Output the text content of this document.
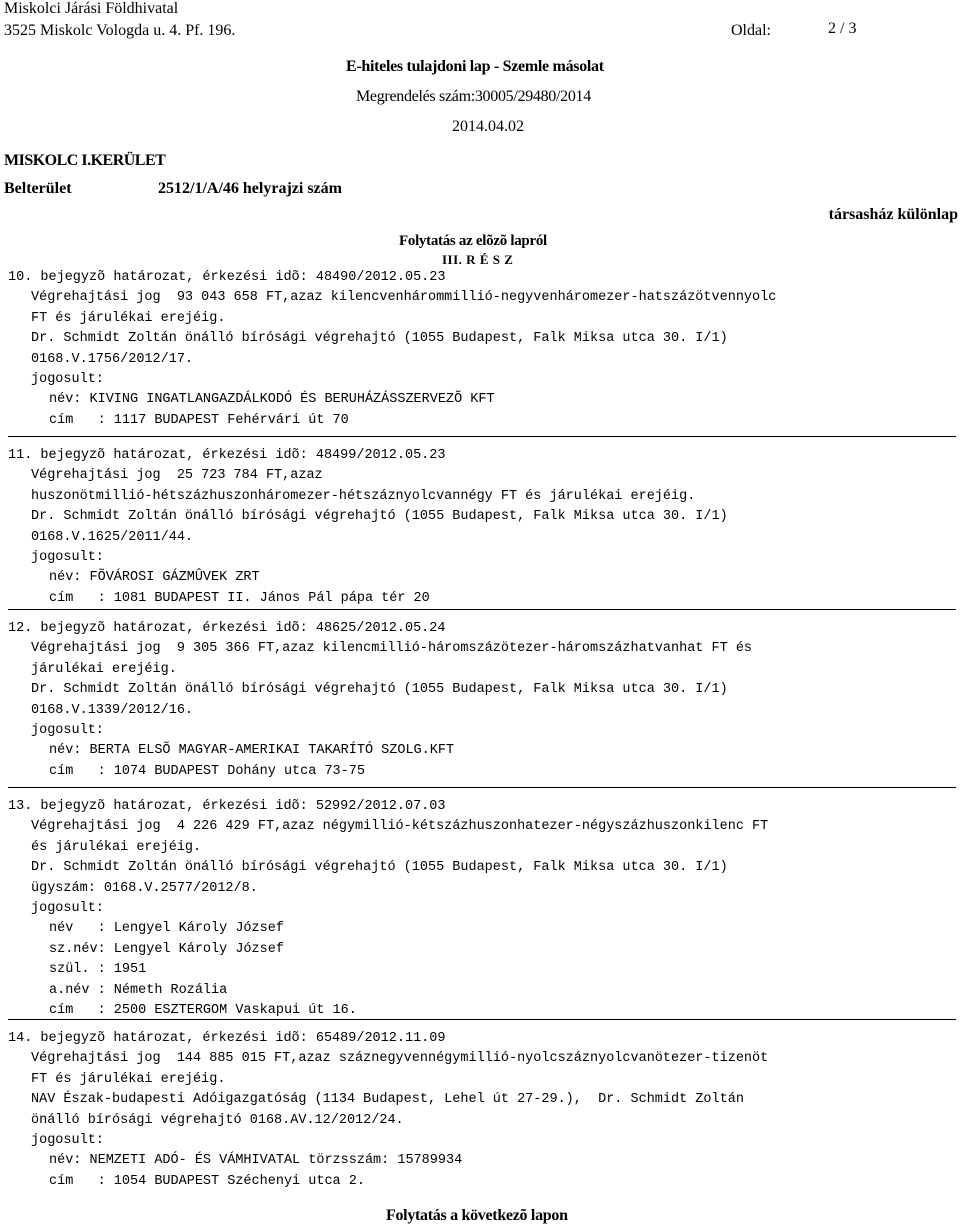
Miskolci Járási Földhivatal
3525 Miskolc Vologda u. 4. Pf. 196.	Oldal:	2 / 3
E-hiteles tulajdoni lap - Szemle másolat
Megrendelés szám:30005/29480/2014
2014.04.02
MISKOLC I.KERÜLET
Belterület	2512/1/A/46 helyrajzi szám
társasház különlap
Folytatás az elõzõ lapról
III. R É S Z
10. bejegyzõ határozat, érkezési idõ: 48490/2012.05.23
Végrehajtási jog  93 043 658 FT,azaz kilencvenhárommillió-negyvenháromezer-hatszázötvennyolc
FT és járulékai erejéig.
Dr. Schmidt Zoltán önálló bírósági végrehajtó (1055 Budapest, Falk Miksa utca 30. I/1)
0168.V.1756/2012/17.
jogosult:
név: KIVING INGATLANGAZDÁLKODÓ ÉS BERUHÁZÁSSZERVEZÕ KFT
cím   : 1117 BUDAPEST Fehérvári út 70
11. bejegyzõ határozat, érkezési idõ: 48499/2012.05.23
Végrehajtási jog  25 723 784 FT,azaz
huszonötmillió-hétszázhuszonháromezer-hétszáznyolcvannégy FT és járulékai erejéig.
Dr. Schmidt Zoltán önálló bírósági végrehajtó (1055 Budapest, Falk Miksa utca 30. I/1)
0168.V.1625/2011/44.
jogosult:
név: FÕVÁROSI GÁZMÛVEK ZRT
cím   : 1081 BUDAPEST II. János Pál pápa tér 20
12. bejegyzõ határozat, érkezési idõ: 48625/2012.05.24
Végrehajtási jog  9 305 366 FT,azaz kilencmillió-háromszázötezer-háromszázhatvanhat FT és
járulékai erejéig.
Dr. Schmidt Zoltán önálló bírósági végrehajtó (1055 Budapest, Falk Miksa utca 30. I/1)
0168.V.1339/2012/16.
jogosult:
név: BERTA ELSÕ MAGYAR-AMERIKAI TAKARÍTÓ SZOLG.KFT
cím   : 1074 BUDAPEST Dohány utca 73-75
13. bejegyzõ határozat, érkezési idõ: 52992/2012.07.03
Végrehajtási jog  4 226 429 FT,azaz négymillió-kétszázhuszonhatezer-négyszázhuszonkilenc FT
és járulékai erejéig.
Dr. Schmidt Zoltán önálló bírósági végrehajtó (1055 Budapest, Falk Miksa utca 30. I/1)
ügyszám: 0168.V.2577/2012/8.
jogosult:
név   : Lengyel Károly József
sz.név: Lengyel Károly József
szül. : 1951
a.név : Németh Rozália
cím   : 2500 ESZTERGOM Vaskapui út 16.
14. bejegyzõ határozat, érkezési idõ: 65489/2012.11.09
Végrehajtási jog  144 885 015 FT,azaz száznegyvennégymillió-nyolcszáznyolcvanötezer-tizenöt
FT és járulékai erejéig.
NAV Észak-budapesti Adóigazgatóság (1134 Budapest, Lehel út 27-29.),  Dr. Schmidt Zoltán
önálló bírósági végrehajtó 0168.AV.12/2012/24.
jogosult:
név: NEMZETI ADÓ- ÉS VÁMHIVATAL törzsszám: 15789934
cím   : 1054 BUDAPEST Széchenyi utca 2.
Folytatás a következõ lapon
